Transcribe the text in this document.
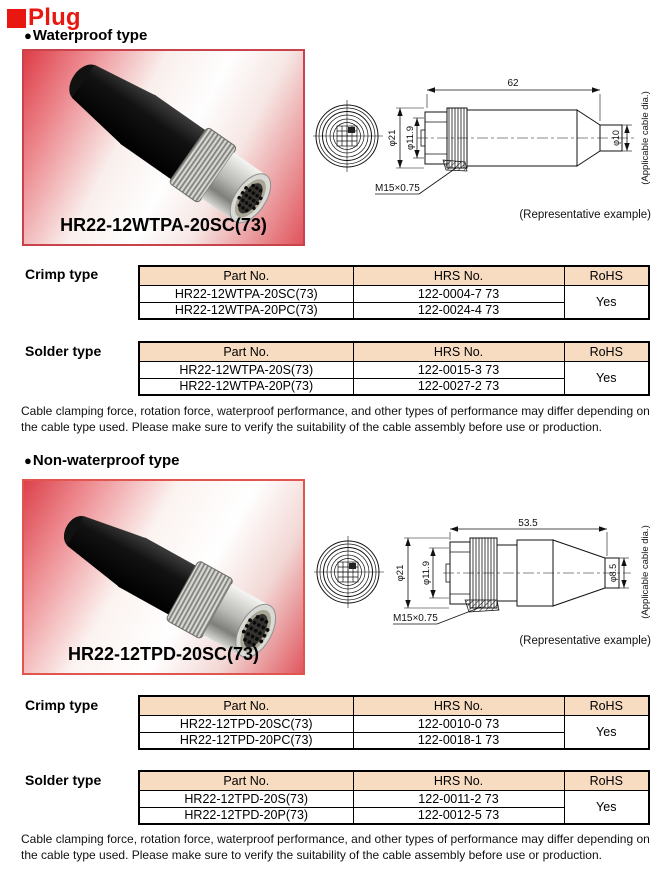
Plug
●Waterproof type
HR22-12WTPA-20SC(73)
62
φ21 φ11.9	φ10 (Applicable cable dia.)
M15×0.75
(Representative example)
Crimp type	Part No.	HRS No.	RoHS
HR22-12WTPA-20SC(73)	122-0004-7 73	Yes
HR22-12WTPA-20PC(73)	122-0024-4 73	
Solder type	Part No.	HRS No.	RoHS
HR22-12WTPA-20S(73)	122-0015-3 73	Yes
HR22-12WTPA-20P(73)	122-0027-2 73	
Cable clamping force, rotation force, waterproof performance, and other types of performance may differ depending on the cable type used. Please make sure to verify the suitability of the cable assembly before use or production.
●Non-waterproof type
HR22-12TPD-20SC(73)
53.5
φ21 φ11.9	φ8.5 (Applicable cable dia.)
M15×0.75
(Representative example)
Crimp type	Part No.	HRS No.	RoHS
HR22-12TPD-20SC(73)	122-0010-0 73	Yes
HR22-12TPD-20PC(73)	122-0018-1 73	
Solder type	Part No.	HRS No.	RoHS
HR22-12TPD-20S(73)	122-0011-2 73	Yes
HR22-12TPD-20P(73)	122-0012-5 73	
Cable clamping force, rotation force, waterproof performance, and other types of performance may differ depending on the cable type used. Please make sure to verify the suitability of the cable assembly before use or production.
